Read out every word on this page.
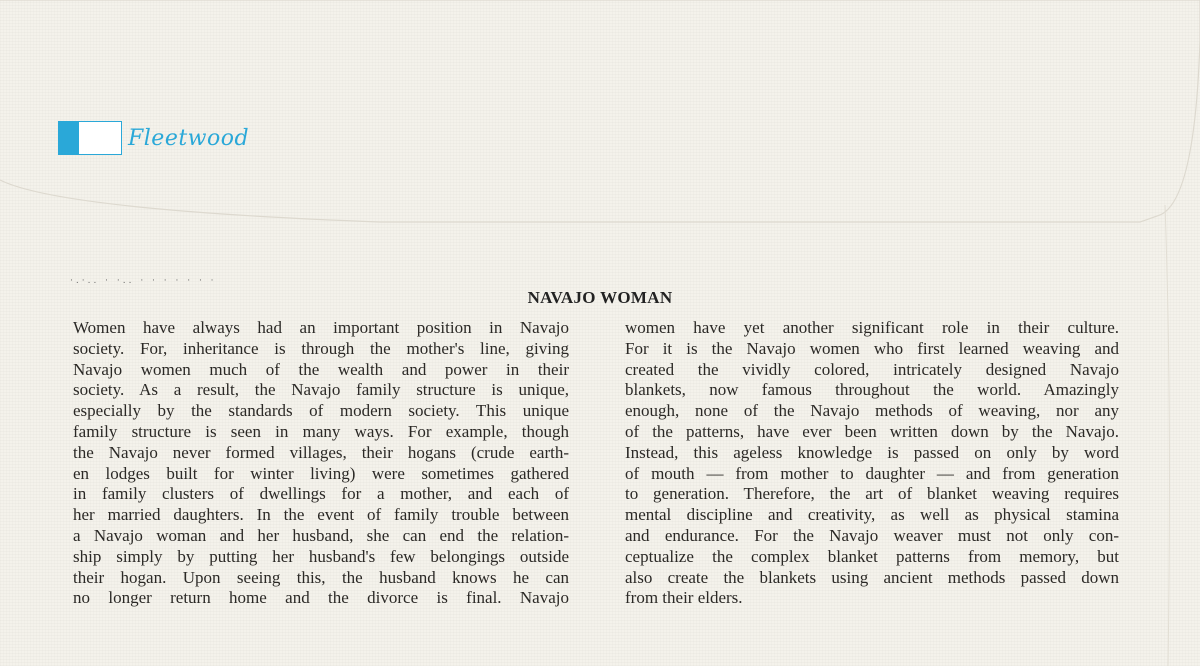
Fleetwood
·.·.. · ·.. · · · · · · ·
NAVAJO WOMAN
Women have always had an important position in Navajo
society. For, inheritance is through the mother's line, giving
Navajo women much of the wealth and power in their
society. As a result, the Navajo family structure is unique,
especially by the standards of modern society. This unique
family structure is seen in many ways. For example, though
the Navajo never formed villages, their hogans (crude earth-
en lodges built for winter living) were sometimes gathered
in family clusters of dwellings for a mother, and each of
her married daughters. In the event of family trouble between
a Navajo woman and her husband, she can end the relation-
ship simply by putting her husband's few belongings outside
their hogan. Upon seeing this, the husband knows he can
no longer return home and the divorce is final. Navajo
women have yet another significant role in their culture.
For it is the Navajo women who first learned weaving and
created the vividly colored, intricately designed Navajo
blankets, now famous throughout the world. Amazingly
enough, none of the Navajo methods of weaving, nor any
of the patterns, have ever been written down by the Navajo.
Instead, this ageless knowledge is passed on only by word
of mouth — from mother to daughter — and from generation
to generation. Therefore, the art of blanket weaving requires
mental discipline and creativity, as well as physical stamina
and endurance. For the Navajo weaver must not only con-
ceptualize the complex blanket patterns from memory, but
also create the blankets using ancient methods passed down
from their elders.
